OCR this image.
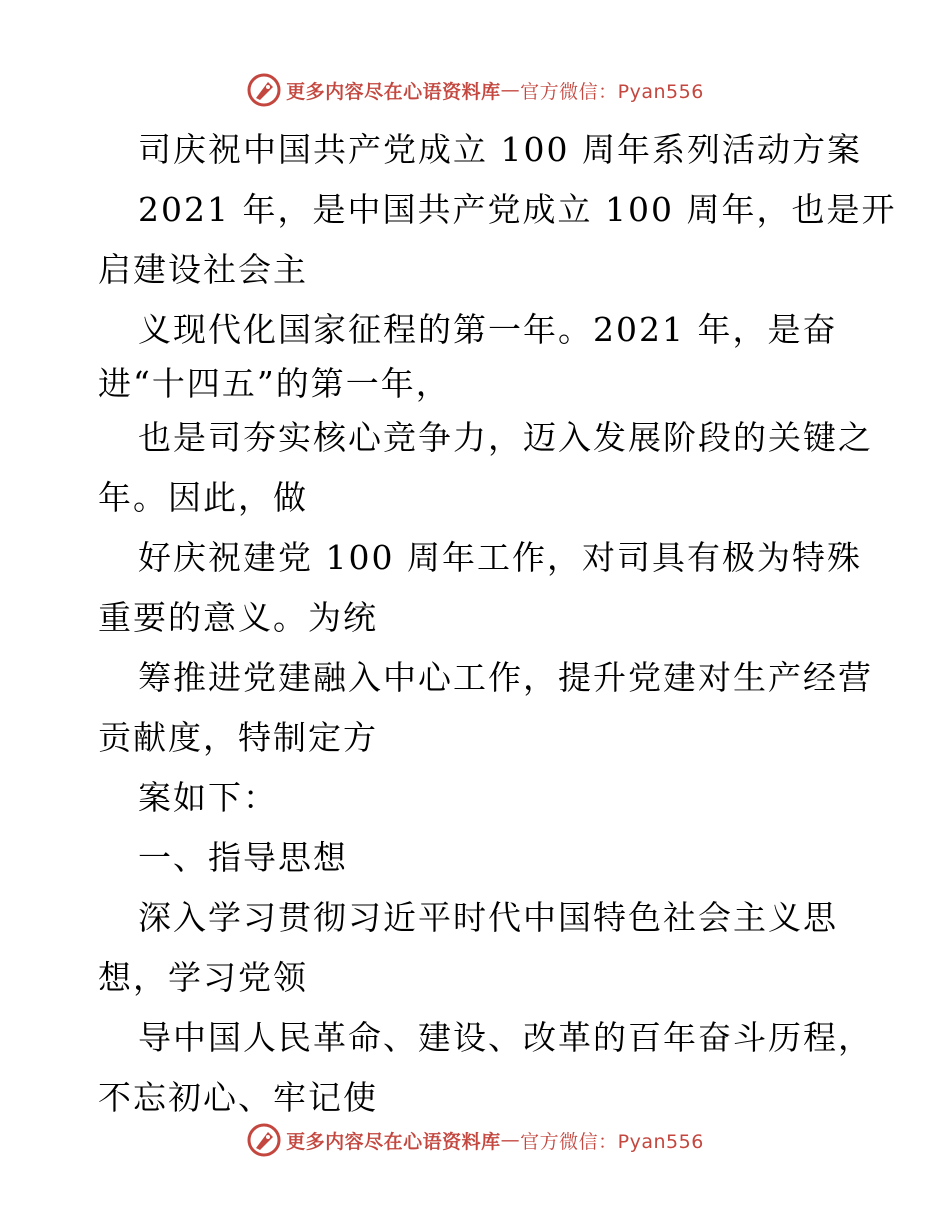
更多内容尽在心语资料库 — 官方微信：Pyan556
司庆祝中国共产党成立 100 周年系列活动方案
2021 年，是中国共产党成立 100 周年，也是开
启建设社会主
义现代化国家征程的第一年。2021 年，是奋
进“十四五”的第一年，
也是司夯实核心竞争力，迈入发展阶段的关键之
年。因此，做
好庆祝建党 100 周年工作，对司具有极为特殊
重要的意义。为统
筹推进党建融入中心工作，提升党建对生产经营
贡献度，特制定方
案如下：
一、指导思想
深入学习贯彻习近平时代中国特色社会主义思
想，学习党领
导中国人民革命、建设、改革的百年奋斗历程，
不忘初心、牢记使
更多内容尽在心语资料库 — 官方微信：Pyan556
